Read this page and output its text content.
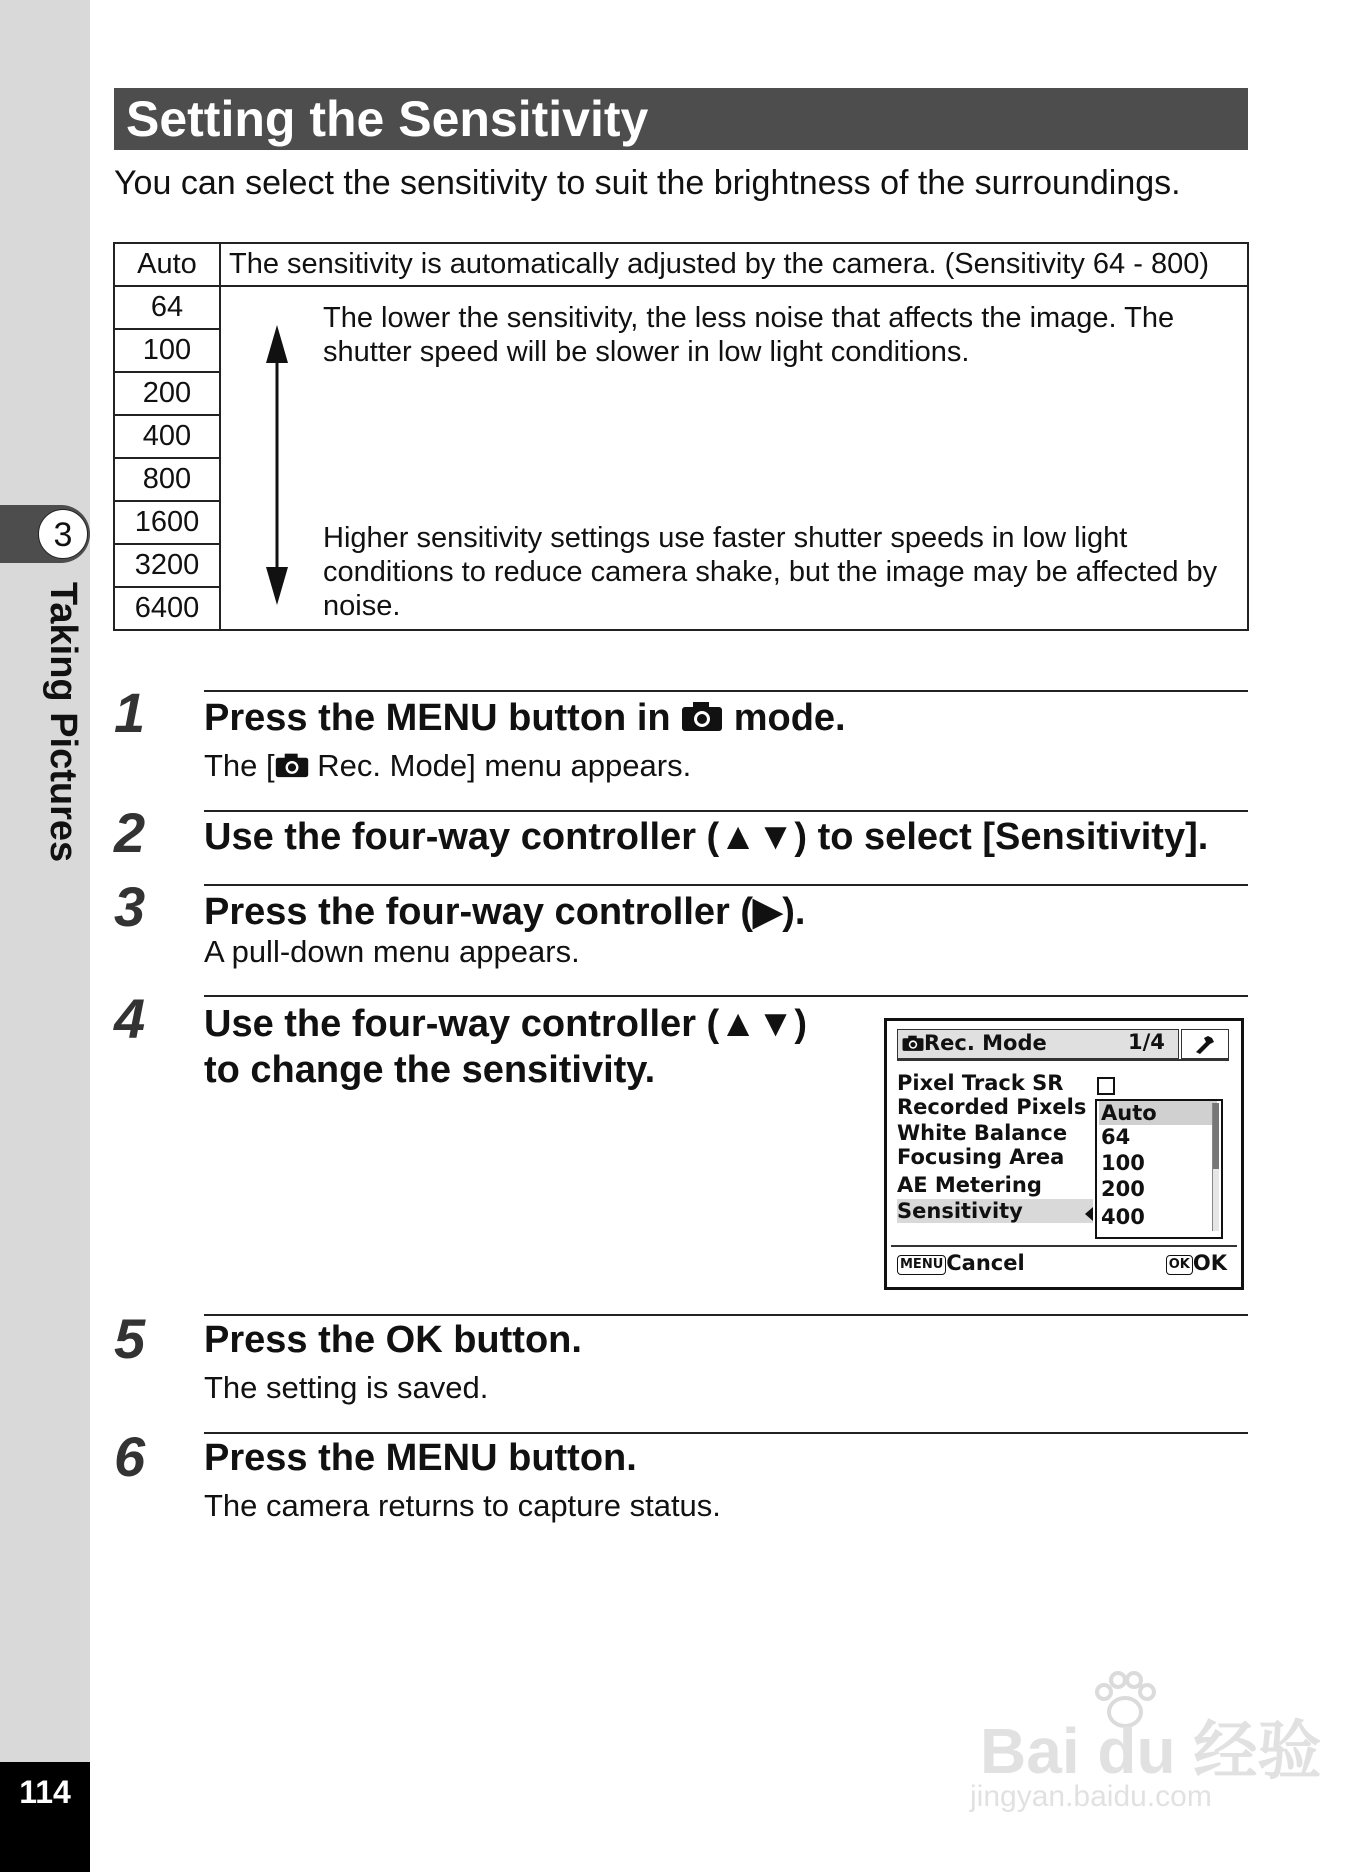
3
Taking Pictures
114
Setting the Sensitivity
You can select the sensitivity to suit the brightness of the surroundings.
Auto	The sensitivity is automatically adjusted by the camera. (Sensitivity 64 - 800)
64	The lower the sensitivity, the less noise that affects the image. The shutter speed will be slower in low light conditions.
Higher sensitivity settings use faster shutter speeds in low light conditions to reduce camera shake, but the image may be affected by noise.

100	
200	
400	
800	
1600	
3200	
6400	
1 Press the MENU button in  mode.
The [ Rec. Mode] menu appears.
2 Use the four-way controller (▲▼) to select [Sensitivity].
3 Press the four-way controller (▶).
A pull-down menu appears.
4 Use the four-way controller (▲▼)
to change the sensitivity.
Rec. Mode	1/4
Pixel Track SR
Recorded Pixels
White Balance
Focusing Area
AE Metering
Sensitivity
Auto
64
100
200
400
MENU Cancel	OK OK
5 Press the OK button.
The setting is saved.
6 Press the MENU button.
The camera returns to capture status.
Bai du 经验
jingyan.baidu.com
